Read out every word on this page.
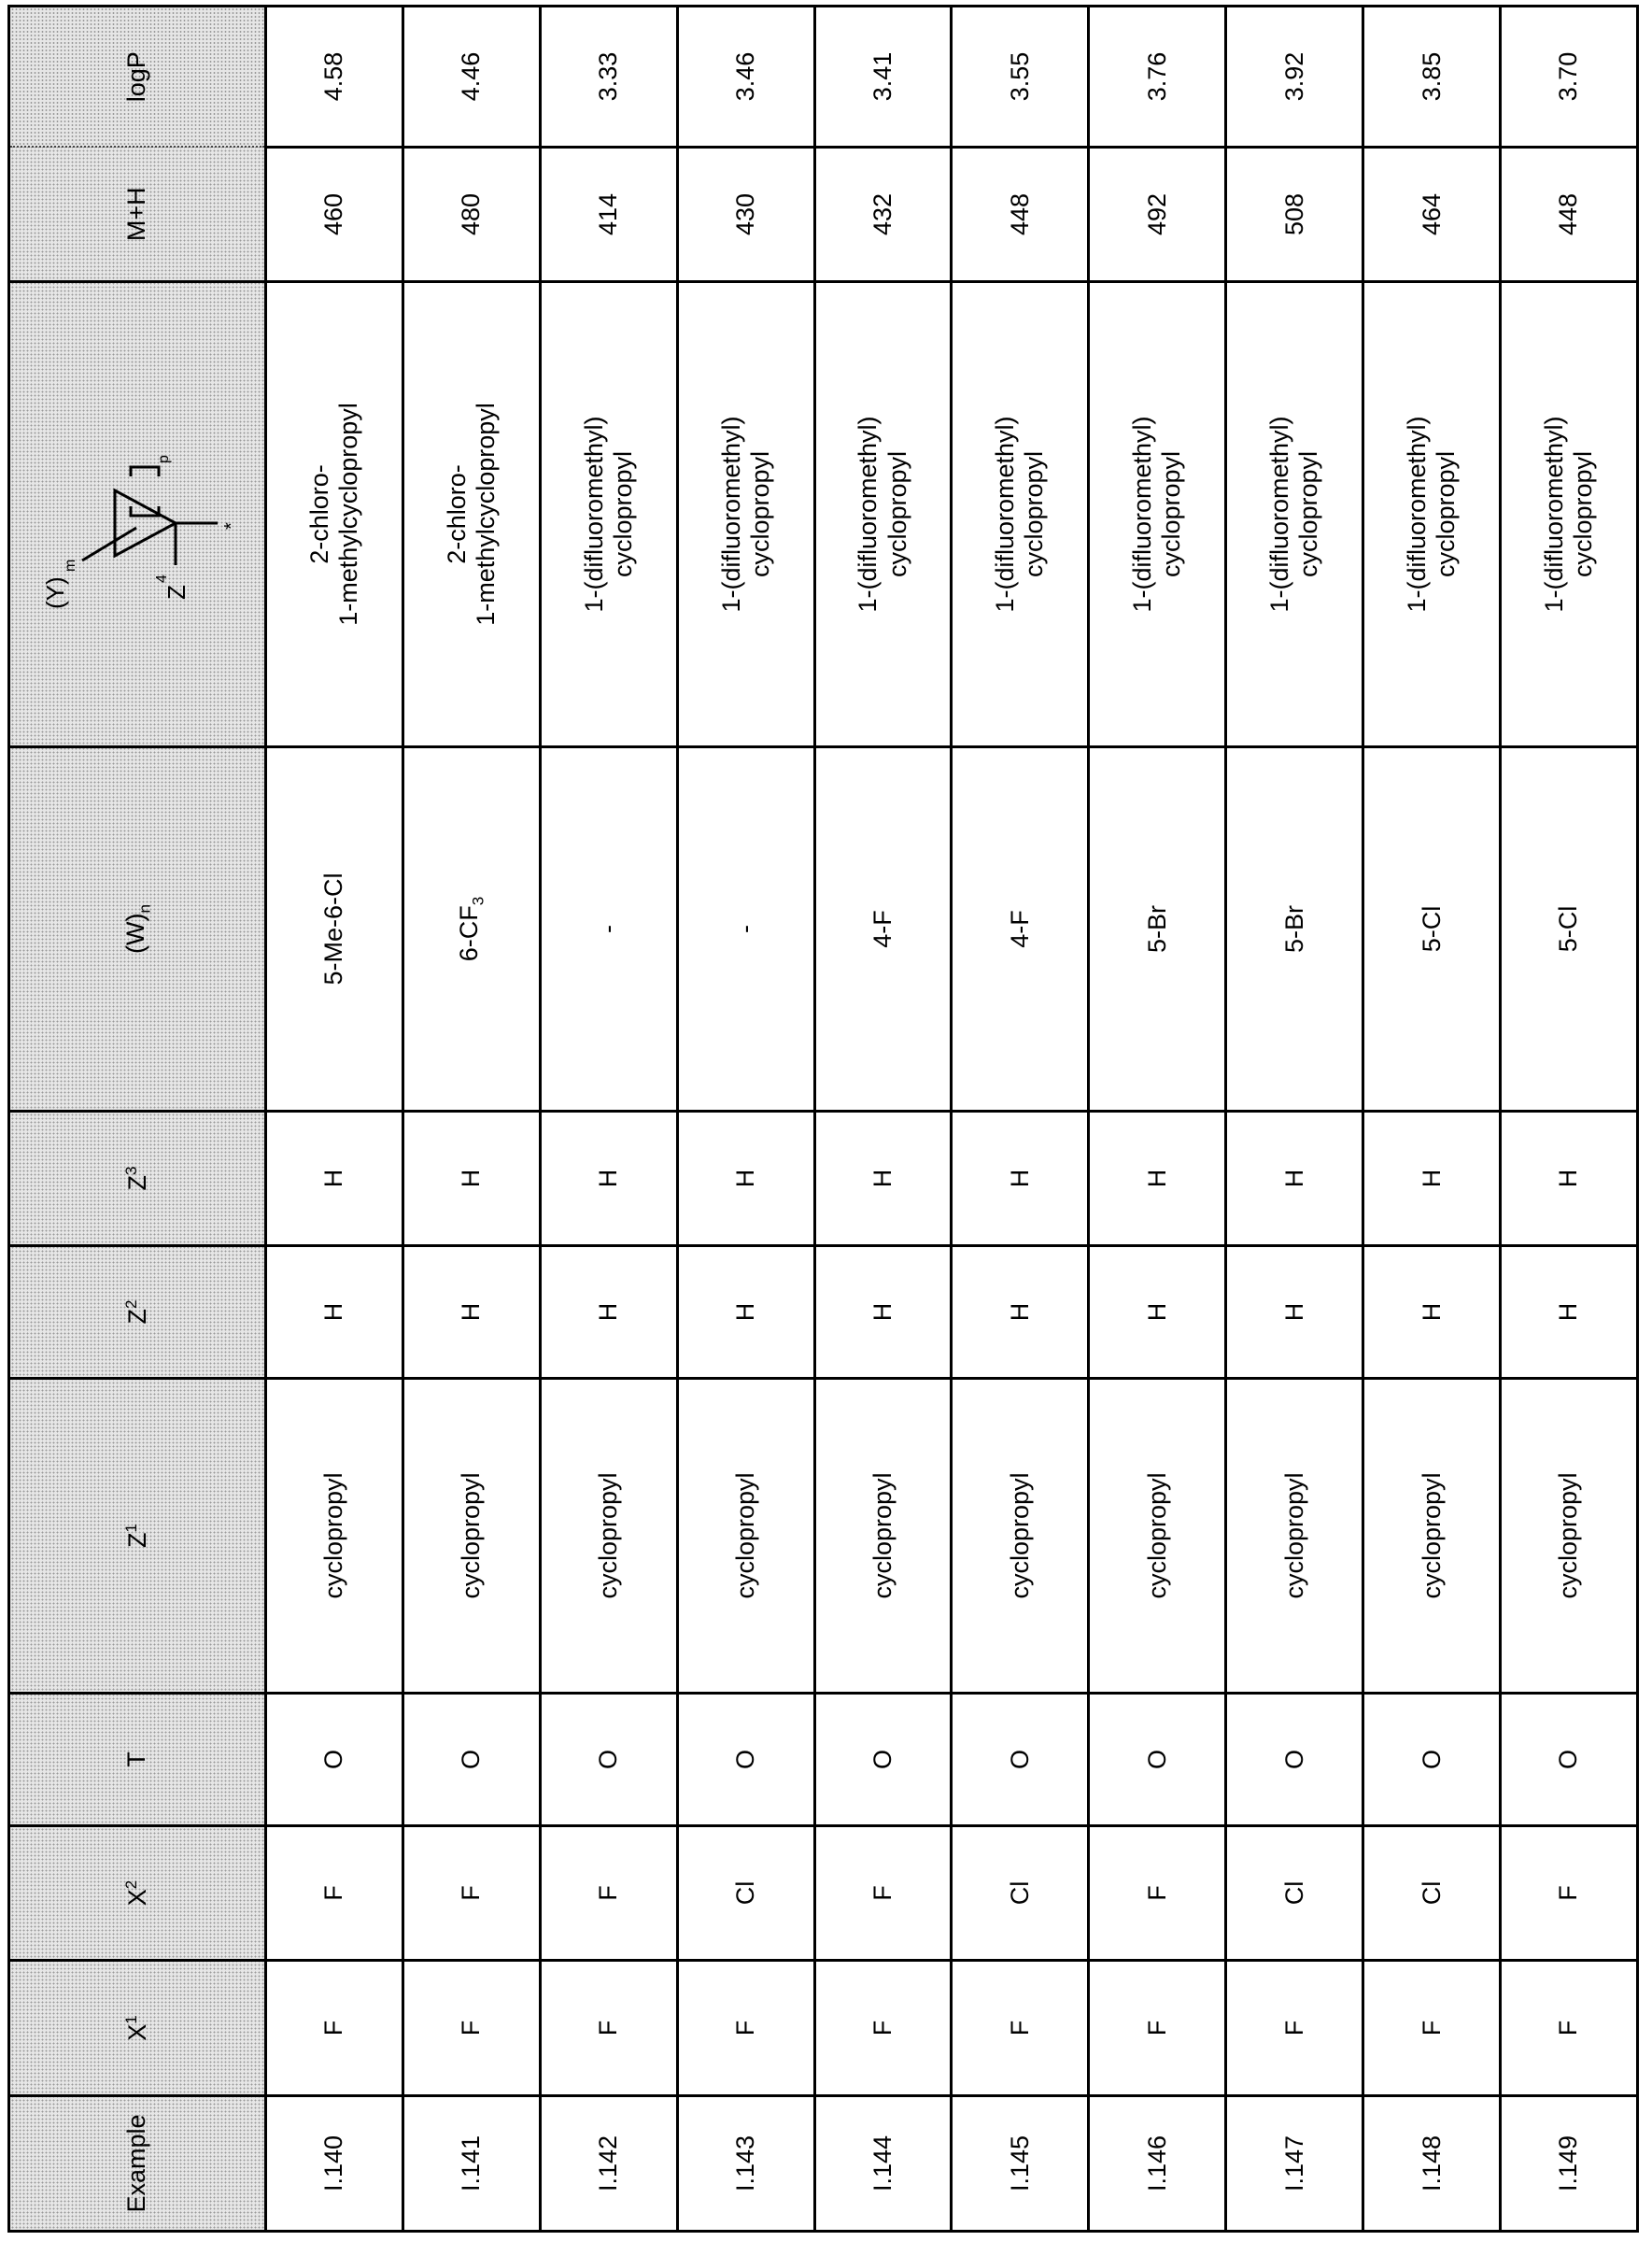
Example	X1	X2	T	Z1	Z2	Z3	(W)n	
(Y)
m
p
Z
4
*
	M+H	logP
I.140	F	F	O	cyclopropyl	H	H	5-Me-6-Cl	
2-chloro- 1-methylcyclopropyl
	460	4.58
I.141	F	F	O	cyclopropyl	H	H	6-CF3	
2-chloro- 1-methylcyclopropyl
	480	4.46
I.142	F	F	O	cyclopropyl	H	H	-	
1-(difluoromethyl) cyclopropyl
	414	3.33
I.143	F	Cl	O	cyclopropyl	H	H	-	
1-(difluoromethyl) cyclopropyl
	430	3.46
I.144	F	F	O	cyclopropyl	H	H	4-F	
1-(difluoromethyl) cyclopropyl
	432	3.41
I.145	F	Cl	O	cyclopropyl	H	H	4-F	
1-(difluoromethyl) cyclopropyl
	448	3.55
I.146	F	F	O	cyclopropyl	H	H	5-Br	
1-(difluoromethyl) cyclopropyl
	492	3.76
I.147	F	Cl	O	cyclopropyl	H	H	5-Br	
1-(difluoromethyl) cyclopropyl
	508	3.92
I.148	F	Cl	O	cyclopropyl	H	H	5-Cl	
1-(difluoromethyl) cyclopropyl
	464	3.85
I.149	F	F	O	cyclopropyl	H	H	5-Cl	
1-(difluoromethyl) cyclopropyl
	448	3.70
